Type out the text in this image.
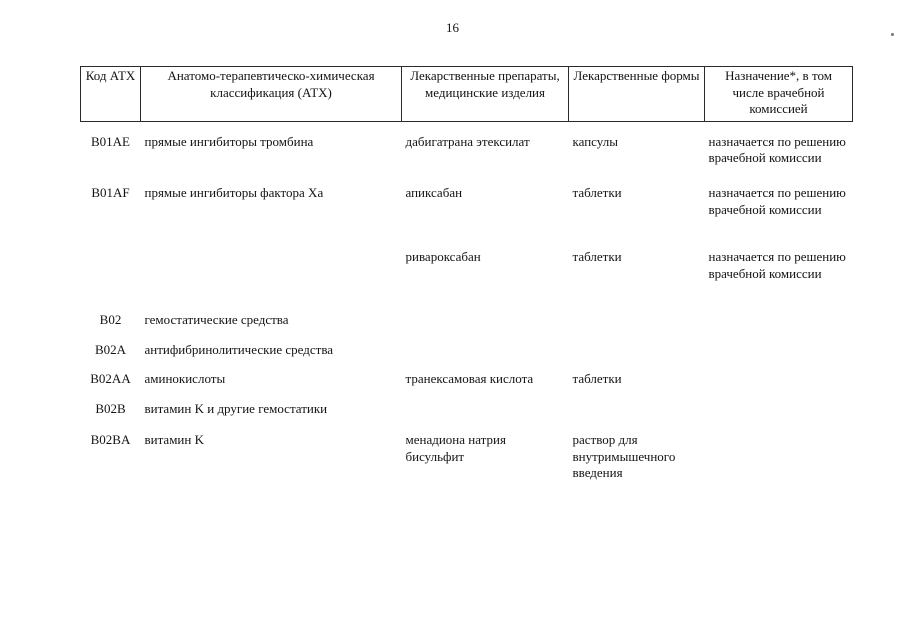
16
Код АТХ	Анатомо-терапевтическо-химическая классификация (АТХ)	Лекарственные препараты, медицинские изделия	Лекарственные формы	Назначение*, в том числе врачебной комиссией
B01AE	прямые ингибиторы тромбина	дабигатрана этексилат	капсулы	назначается по решению врачебной комиссии
B01AF	прямые ингибиторы фактора Xa	апиксабан	таблетки	назначается по решению врачебной комиссии
		ривароксабан	таблетки	назначается по решению врачебной комиссии
B02	гемостатические средства			
B02A	антифибринолитические средства			
B02AA	аминокислоты	транексамовая кислота	таблетки	
B02B	витамин K и другие гемостатики			
B02BA	витамин K	менадиона натрия бисульфит	раствор для внутримышечного введения	
